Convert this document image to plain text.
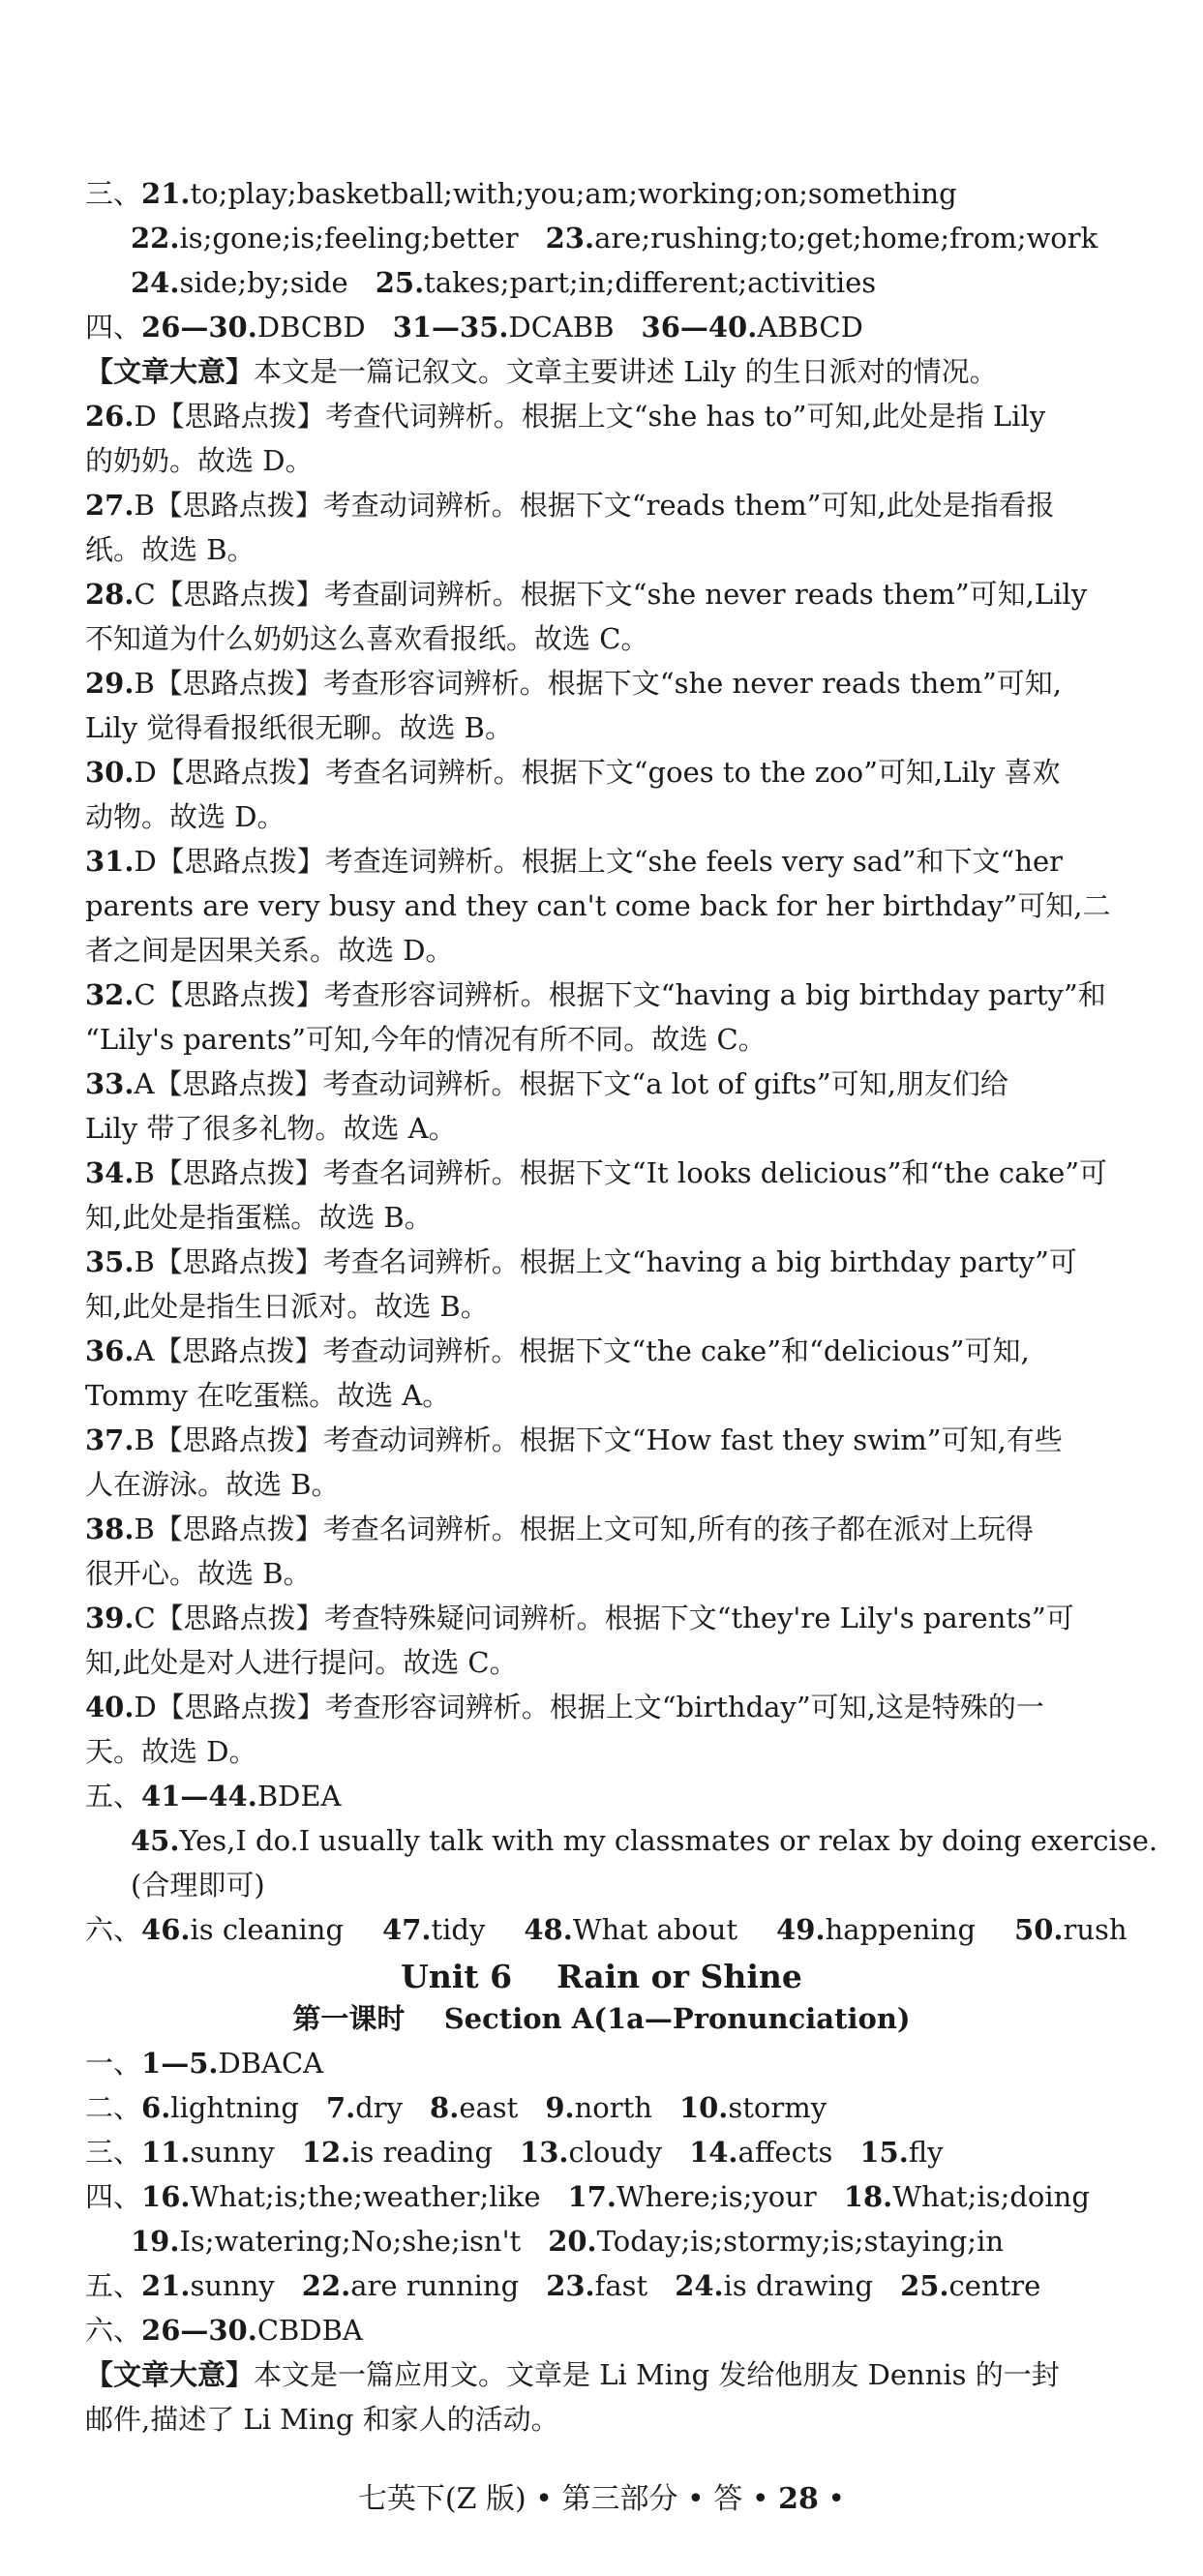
三、21.to;play;basketball;with;you;am;working;on;something
22.is;gone;is;feeling;better 23.are;rushing;to;get;home;from;work
24.side;by;side 25.takes;part;in;different;activities
四、26—30.DBCBD 31—35.DCABB 36—40.ABBCD
【文章大意】本文是一篇记叙文。文章主要讲述 Lily 的生日派对的情况。
26.D【思路点拨】考查代词辨析。根据上文“she has to”可知,此处是指 Lily
的奶奶。故选 D。
27.B【思路点拨】考查动词辨析。根据下文“reads them”可知,此处是指看报
纸。故选 B。
28.C【思路点拨】考查副词辨析。根据下文“she never reads them”可知,Lily
不知道为什么奶奶这么喜欢看报纸。故选 C。
29.B【思路点拨】考查形容词辨析。根据下文“she never reads them”可知,
Lily 觉得看报纸很无聊。故选 B。
30.D【思路点拨】考查名词辨析。根据下文“goes to the zoo”可知,Lily 喜欢
动物。故选 D。
31.D【思路点拨】考查连词辨析。根据上文“she feels very sad”和下文“her
parents are very busy and they can't come back for her birthday”可知,二
者之间是因果关系。故选 D。
32.C【思路点拨】考查形容词辨析。根据下文“having a big birthday party”和
“Lily's parents”可知,今年的情况有所不同。故选 C。
33.A【思路点拨】考查动词辨析。根据下文“a lot of gifts”可知,朋友们给
Lily 带了很多礼物。故选 A。
34.B【思路点拨】考查名词辨析。根据下文“It looks delicious”和“the cake”可
知,此处是指蛋糕。故选 B。
35.B【思路点拨】考查名词辨析。根据上文“having a big birthday party”可
知,此处是指生日派对。故选 B。
36.A【思路点拨】考查动词辨析。根据下文“the cake”和“delicious”可知,
Tommy 在吃蛋糕。故选 A。
37.B【思路点拨】考查动词辨析。根据下文“How fast they swim”可知,有些
人在游泳。故选 B。
38.B【思路点拨】考查名词辨析。根据上文可知,所有的孩子都在派对上玩得
很开心。故选 B。
39.C【思路点拨】考查特殊疑问词辨析。根据下文“they're Lily's parents”可
知,此处是对人进行提问。故选 C。
40.D【思路点拨】考查形容词辨析。根据上文“birthday”可知,这是特殊的一
天。故选 D。
五、41—44.BDEA
45.Yes,I do.I usually talk with my classmates or relax by doing exercise.
(合理即可)
六、46.is cleaning 47.tidy 48.What about 49.happening 50.rush
Unit 6    Rain or Shine
第一课时    Section A(1a—Pronunciation)
一、1—5.DBACA
二、6.lightning 7.dry 8.east 9.north 10.stormy
三、11.sunny 12.is reading 13.cloudy 14.affects 15.fly
四、16.What;is;the;weather;like 17.Where;is;your 18.What;is;doing
19.Is;watering;No;she;isn't 20.Today;is;stormy;is;staying;in
五、21.sunny 22.are running 23.fast 24.is drawing 25.centre
六、26—30.CBDBA
【文章大意】本文是一篇应用文。文章是 Li Ming 发给他朋友 Dennis 的一封
邮件,描述了 Li Ming 和家人的活动。
七英下(Z 版) • 第三部分 • 答 • 28 •
